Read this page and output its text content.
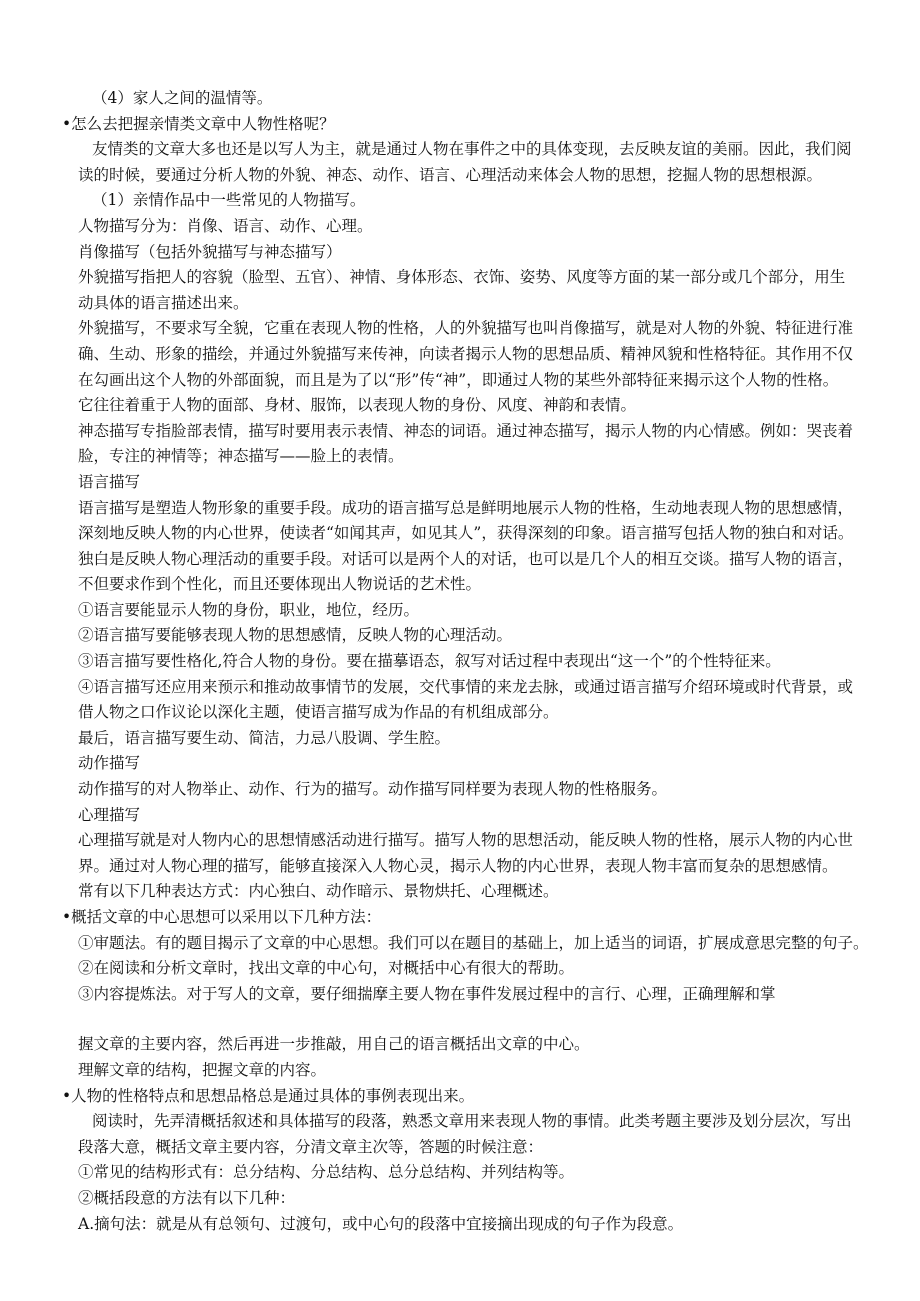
（4）家人之间的温情等。
•怎么去把握亲情类文章中人物性格呢？
友情类的文章大多也还是以写人为主，就是通过人物在事件之中的具体变现，去反映友谊的美丽。因此，我们阅
读的时候，要通过分析人物的外貌、神态、动作、语言、心理活动来体会人物的思想，挖掘人物的思想根源。
（1）亲情作品中一些常见的人物描写。
人物描写分为：肖像、语言、动作、心理。
肖像描写（包括外貌描写与神态描写）
外貌描写指把人的容貌（脸型、五官）、神情、身体形态、衣饰、姿势、风度等方面的某一部分或几个部分，用生
动具体的语言描述出来。
外貌描写，不要求写全貌，它重在表现人物的性格，人的外貌描写也叫肖像描写，就是对人物的外貌、特征进行准
确、生动、形象的描绘，并通过外貌描写来传神，向读者揭示人物的思想品质、精神风貌和性格特征。其作用不仅
在勾画出这个人物的外部面貌，而且是为了以“形”传“神”，即通过人物的某些外部特征来揭示这个人物的性格。
它往往着重于人物的面部、身材、服饰，以表现人物的身份、风度、神韵和表情。
神态描写专指脸部表情，描写时要用表示表情、神态的词语。通过神态描写，揭示人物的内心情感。例如：哭丧着
脸，专注的神情等；神态描写——脸上的表情。
语言描写
语言描写是塑造人物形象的重要手段。成功的语言描写总是鲜明地展示人物的性格，生动地表现人物的思想感情，
深刻地反映人物的内心世界，使读者“如闻其声，如见其人”，获得深刻的印象。语言描写包括人物的独白和对话。
独白是反映人物心理活动的重要手段。对话可以是两个人的对话，也可以是几个人的相互交谈。描写人物的语言，
不但要求作到个性化，而且还要体现出人物说话的艺术性。
①语言要能显示人物的身份，职业，地位，经历。
②语言描写要能够表现人物的思想感情，反映人物的心理活动。
③语言描写要性格化,符合人物的身份。要在描摹语态，叙写对话过程中表现出“这一个”的个性特征来。
④语言描写还应用来预示和推动故事情节的发展，交代事情的来龙去脉，或通过语言描写介绍环境或时代背景，或
借人物之口作议论以深化主题，使语言描写成为作品的有机组成部分。
最后，语言描写要生动、简洁，力忌八股调、学生腔。
动作描写
动作描写的对人物举止、动作、行为的描写。动作描写同样要为表现人物的性格服务。
心理描写
心理描写就是对人物内心的思想情感活动进行描写。描写人物的思想活动，能反映人物的性格，展示人物的内心世
界。通过对人物心理的描写，能够直接深入人物心灵，揭示人物的内心世界，表现人物丰富而复杂的思想感情。
常有以下几种表达方式：内心独白、动作暗示、景物烘托、心理概述。
•概括文章的中心思想可以采用以下几种方法：
①审题法。有的题目揭示了文章的中心思想。我们可以在题目的基础上，加上适当的词语，扩展成意思完整的句子。
②在阅读和分析文章时，找出文章的中心句，对概括中心有很大的帮助。
③内容提炼法。对于写人的文章，要仔细揣摩主要人物在事件发展过程中的言行、心理，正确理解和掌
握文章的主要内容，然后再进一步推敲，用自己的语言概括出文章的中心。
理解文章的结构，把握文章的内容。
•人物的性格特点和思想品格总是通过具体的事例表现出来。
阅读时，先弄清概括叙述和具体描写的段落，熟悉文章用来表现人物的事情。此类考题主要涉及划分层次，写出
段落大意，概括文章主要内容，分清文章主次等，答题的时候注意：
①常见的结构形式有：总分结构、分总结构、总分总结构、并列结构等。
②概括段意的方法有以下几种：
A.摘句法：就是从有总领句、过渡句，或中心句的段落中宜接摘出现成的句子作为段意。
